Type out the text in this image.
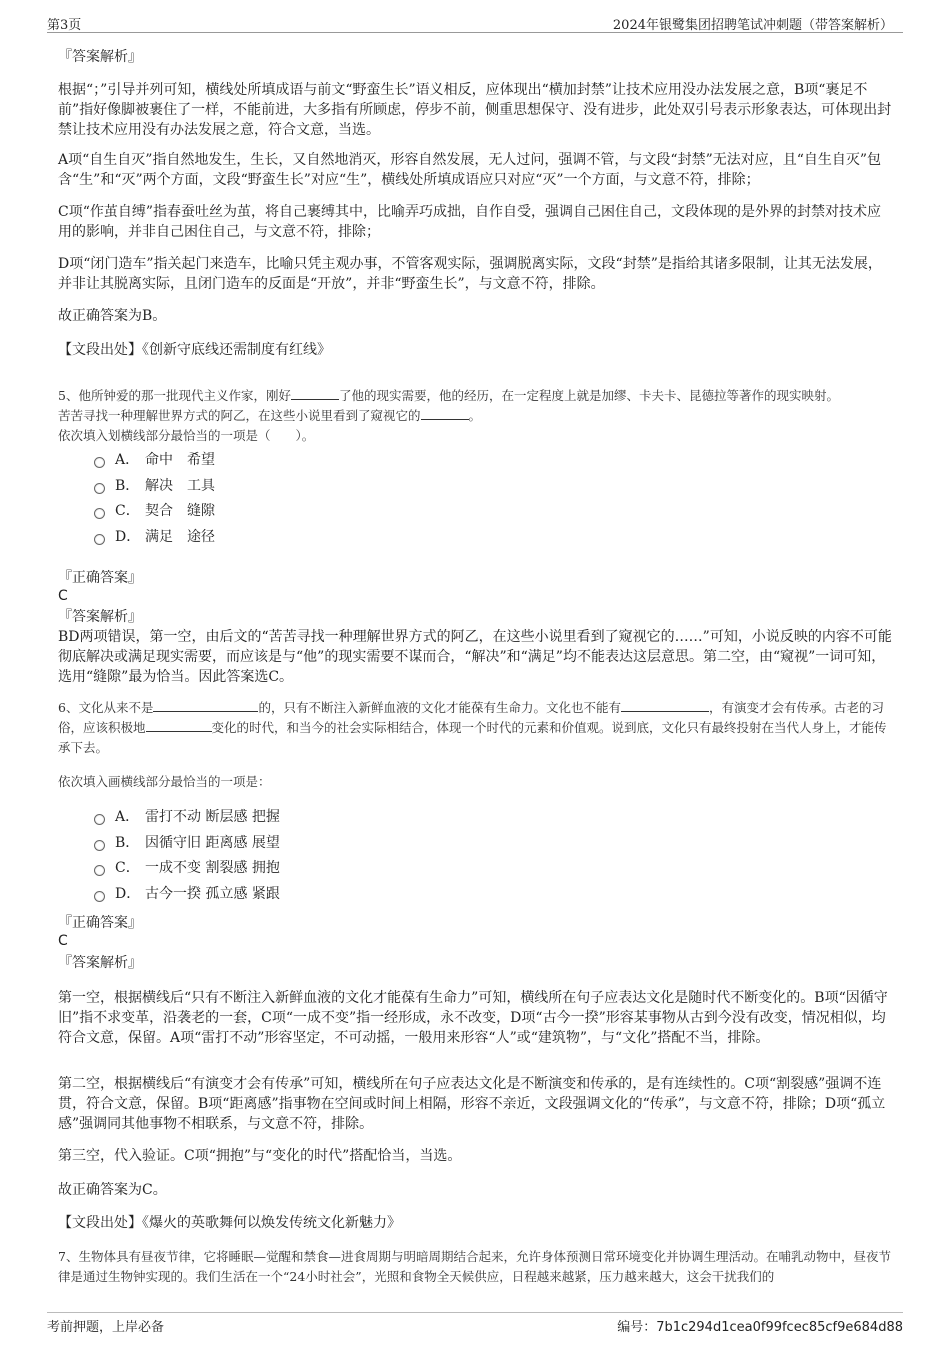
第3页	2024年银鹭集团招聘笔试冲刺题（带答案解析）
『答案解析』

根据“；”引导并列可知，横线处所填成语与前文“野蛮生长”语义相反，应体现出“横加封禁”让技术应用没办法发展之意，B项“裹足不前”指好像脚被裹住了一样，不能前进，大多指有所顾虑，停步不前，侧重思想保守、没有进步，此处双引号表示形象表达，可体现出封禁让技术应用没有办法发展之意，符合文意，当选。

A项“自生自灭”指自然地发生，生长，又自然地消灭，形容自然发展，无人过问，强调不管，与文段“封禁”无法对应，且“自生自灭”包含“生”和“灭”两个方面，文段“野蛮生长”对应“生”，横线处所填成语应只对应“灭”一个方面，与文意不符，排除；

C项“作茧自缚”指春蚕吐丝为茧，将自己裹缚其中，比喻弄巧成拙，自作自受，强调自己困住自己，文段体现的是外界的封禁对技术应用的影响，并非自己困住自己，与文意不符，排除；

D项“闭门造车”指关起门来造车，比喻只凭主观办事，不管客观实际，强调脱离实际，文段“封禁”是指给其诸多限制，让其无法发展，并非让其脱离实际，且闭门造车的反面是“开放”，并非“野蛮生长”，与文意不符，排除。

故正确答案为B。
【文段出处】《创新守底线还需制度有红线》
5、他所钟爱的那一批现代主义作家，刚好	了他的现实需要，他的经历，在一定程度上就是加缪、卡夫卡、昆德拉等著作的现实映射。
苦苦寻找一种理解世界方式的阿乙，在这些小说里看到了窥视它的	。
依次填入划横线部分最恰当的一项是（　　）。
A． 命中　希望
B． 解决　工具
C． 契合　缝隙
D． 满足　途径
『正确答案』
C
『答案解析』

BD两项错误，第一空，由后文的“苦苦寻找一种理解世界方式的阿乙，在这些小说里看到了窥视它的……”可知，小说反映的内容不可能彻底解决或满足现实需要，而应该是与“他”的现实需要不谋而合，“解决”和“满足”均不能表达这层意思。第二空，由“窥视”一词可知，选用“缝隙”最为恰当。因此答案选C。

6、文化从来不是	的，只有不断注入新鲜血液的文化才能葆有生命力。文化也不能有	，有演变才会有传承。古老的习俗，应该积极地	变化的时代，和当今的社会实际相结合，体现一个时代的元素和价值观。说到底，文化只有最终投射在当代人身上，才能传承下去。
依次填入画横线部分最恰当的一项是：
A． 雷打不动 断层感 把握
B． 因循守旧 距离感 展望
C． 一成不变 割裂感 拥抱
D． 古今一揆 孤立感 紧跟
『正确答案』
C
『答案解析』

第一空，根据横线后“只有不断注入新鲜血液的文化才能葆有生命力”可知，横线所在句子应表达文化是随时代不断变化的。B项“因循守旧”指不求变革，沿袭老的一套，C项“一成不变”指一经形成，永不改变，D项“古今一揆”形容某事物从古到今没有改变，情况相似，均符合文意，保留。A项“雷打不动”形容坚定，不可动摇，一般用来形容“人”或“建筑物”，与“文化”搭配不当，排除。

第二空，根据横线后“有演变才会有传承”可知，横线所在句子应表达文化是不断演变和传承的，是有连续性的。C项“割裂感”强调不连贯，符合文意，保留。B项“距离感”指事物在空间或时间上相隔，形容不亲近，文段强调文化的“传承”，与文意不符，排除；D项“孤立感”强调同其他事物不相联系，与文意不符，排除。

第三空，代入验证。C项“拥抱”与“变化的时代”搭配恰当，当选。
故正确答案为C。
【文段出处】《爆火的英歌舞何以焕发传统文化新魅力》

7、生物体具有昼夜节律，它将睡眠—觉醒和禁食—进食周期与明暗周期结合起来，允许身体预测日常环境变化并协调生理活动。在哺乳动物中，昼夜节律是通过生物钟实现的。我们生活在一个“24小时社会”，光照和食物全天候供应，日程越来越紧，压力越来越大，这会干扰我们的

考前押题，上岸必备	编号：7b1c294d1cea0f99fcec85cf9e684d88
